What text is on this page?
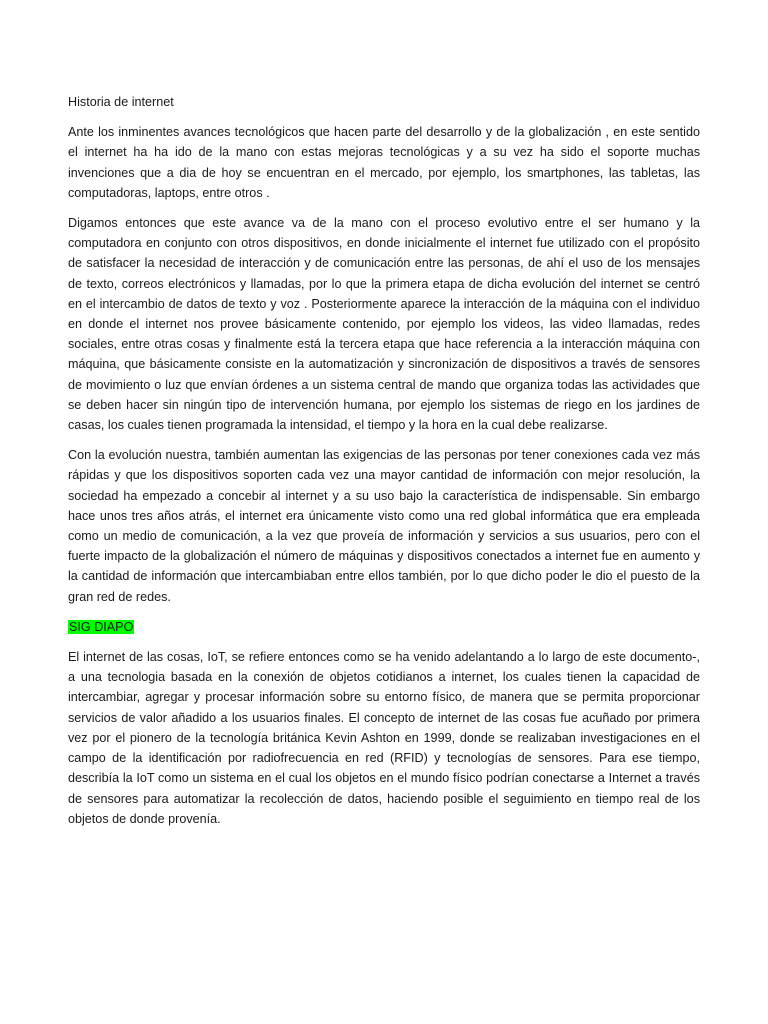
Historia de internet

Ante los inminentes avances tecnológicos que hacen parte del desarrollo y de la globalización , en este sentido el internet ha ha ido de la mano con estas mejoras tecnológicas y a su vez ha sido el soporte muchas invenciones que a dia de hoy se encuentran en el mercado, por ejemplo, los smartphones, las tabletas, las computadoras, laptops, entre otros .

Digamos entonces que este avance va de la mano con el proceso evolutivo entre el ser humano y la computadora en conjunto con otros dispositivos, en donde inicialmente el internet fue utilizado con el propósito de satisfacer la necesidad de interacción y de comunicación entre las personas, de ahí el uso de los mensajes de texto, correos electrónicos y llamadas, por lo que la primera etapa de dicha evolución del internet se centró en el intercambio de datos de texto y voz . Posteriormente aparece la interacción de la máquina con el individuo en donde el internet nos provee básicamente contenido, por ejemplo los videos, las video llamadas, redes sociales, entre otras cosas y finalmente está la tercera etapa que hace referencia a la interacción máquina con máquina, que básicamente consiste en la automatización y sincronización de dispositivos a través de sensores de movimiento o luz que envían órdenes a un sistema central de mando que organiza todas las actividades que se deben hacer sin ningún tipo de intervención humana, por ejemplo los sistemas de riego en los jardines de casas, los cuales tienen programada la intensidad, el tiempo y la hora en la cual debe realizarse.

Con la evolución nuestra, también aumentan las exigencias de las personas por tener conexiones cada vez más rápidas y que los dispositivos soporten cada vez una mayor cantidad de información con mejor resolución, la sociedad ha empezado a concebir al internet y a su uso bajo la característica de indispensable. Sin embargo hace unos tres años atrás, el internet era únicamente visto como una red global informática que era empleada como un medio de comunicación, a la vez que proveía de información y servicios a sus usuarios, pero con el fuerte impacto de la globalización el número de máquinas y dispositivos conectados a internet fue en aumento y la cantidad de información que intercambiaban entre ellos también, por lo que dicho poder le dio el puesto de la gran red de redes.

SIG DIAPO

El internet de las cosas, IoT, se refiere entonces como se ha venido adelantando a lo largo de este documento-, a una tecnologia basada en la conexión de objetos cotidianos a internet, los cuales tienen la capacidad de intercambiar, agregar y procesar información sobre su entorno físico, de manera que se permita proporcionar servicios de valor añadido a los usuarios finales. El concepto de internet de las cosas fue acuñado por primera vez por el pionero de la tecnología británica Kevin Ashton en 1999, donde se realizaban investigaciones en el campo de la identificación por radiofrecuencia en red (RFID) y tecnologías de sensores. Para ese tiempo, describía la IoT como un sistema en el cual los objetos en el mundo físico podrían conectarse a Internet a través de sensores para automatizar la recolección de datos, haciendo posible el seguimiento en tiempo real de los objetos de donde provenía.
